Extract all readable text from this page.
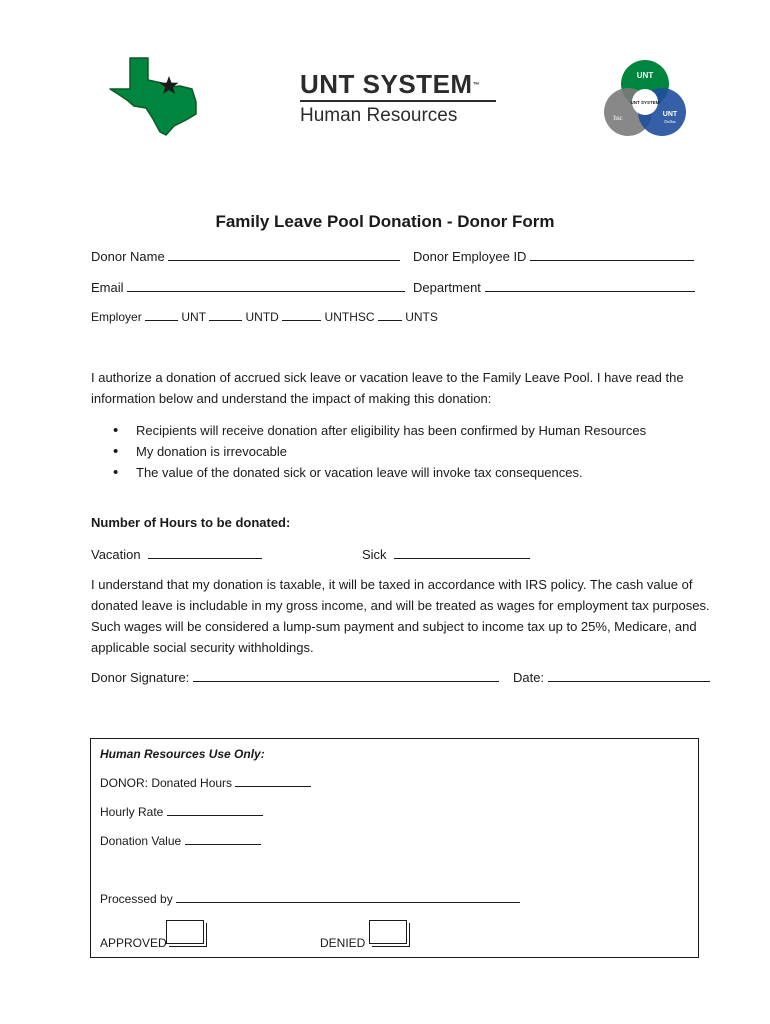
UNT SYSTEM™
Human Resources
UNT
hsc	UNT
Dallas
UNT SYSTEM
Family Leave Pool Donation - Donor Form
Donor Name	Donor Employee ID
Email	Department
Employer	UNT	UNTD	UNTHSC	UNTS
I authorize a donation of accrued sick leave or vacation leave to the Family Leave Pool. I have read the information below and understand the impact of making this donation:
• Recipients will receive donation after eligibility has been confirmed by Human Resources
• My donation is irrevocable
• The value of the donated sick or vacation leave will invoke tax consequences.
Number of Hours to be donated:
Vacation	Sick
I understand that my donation is taxable, it will be taxed in accordance with IRS policy. The cash value of donated leave is includable in my gross income, and will be treated as wages for employment tax purposes. Such wages will be considered a lump-sum payment and subject to income tax up to 25%, Medicare, and applicable social security withholdings.
Donor Signature:	Date:
Human Resources Use Only:
DONOR: Donated Hours
Hourly Rate
Donation Value
Processed by
APPROVED	DENIED
